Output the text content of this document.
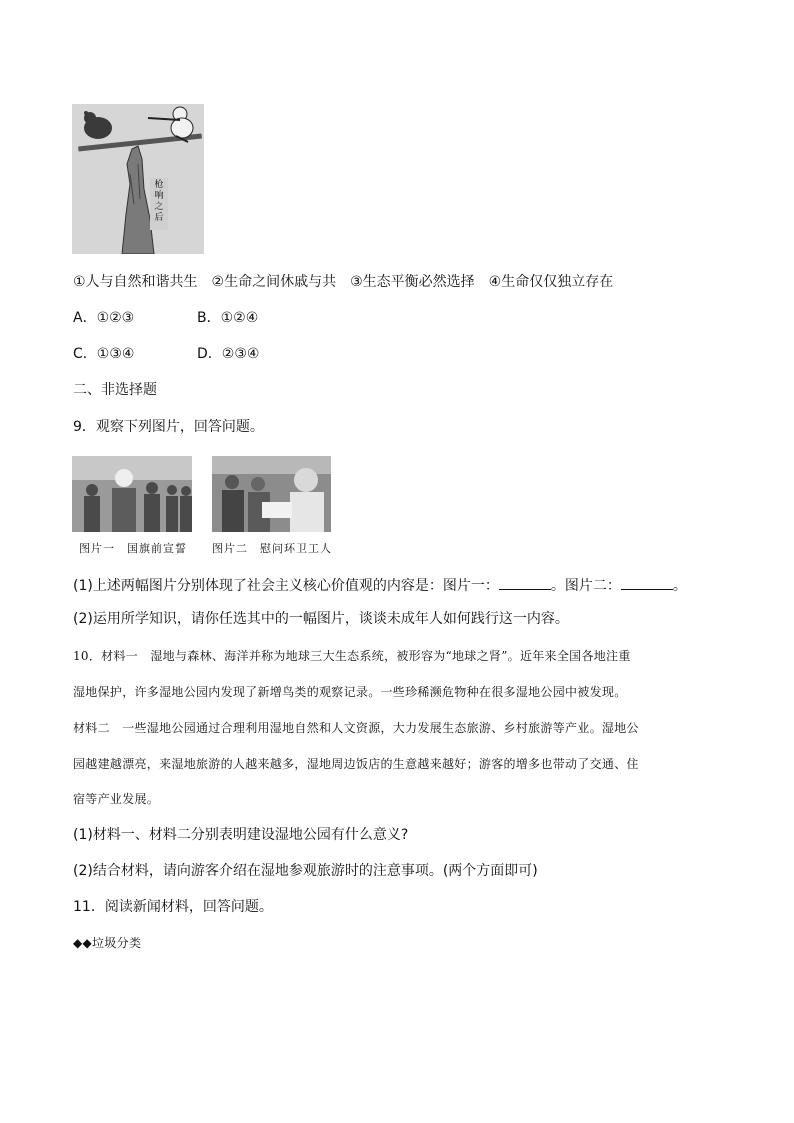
枪响之后
①人与自然和谐共生　②生命之间休戚与共　③生态平衡必然选择　④生命仅仅独立存在
A．①②③	B．①②④
C．①③④	D．②③④
二、非选择题
9．观察下列图片，回答问题。
图片一　国旗前宣誓 图片二　慰问环卫工人
(1)上述两幅图片分别体现了社会主义核心价值观的内容是：图片一：	。图片二：	。
(2)运用所学知识，请你任选其中的一幅图片，谈谈未成年人如何践行这一内容。
10．材料一　湿地与森林、海洋并称为地球三大生态系统，被形容为“地球之肾”。近年来全国各地注重
湿地保护，许多湿地公园内发现了新增鸟类的观察记录。一些珍稀濒危物种在很多湿地公园中被发现。
材料二　一些湿地公园通过合理利用湿地自然和人文资源，大力发展生态旅游、乡村旅游等产业。湿地公
园越建越漂亮，来湿地旅游的人越来越多，湿地周边饭店的生意越来越好；游客的增多也带动了交通、住
宿等产业发展。
(1)材料一、材料二分别表明建设湿地公园有什么意义?
(2)结合材料，请向游客介绍在湿地参观旅游时的注意事项。(两个方面即可)
11．阅读新闻材料，回答问题。
◆◆垃圾分类
